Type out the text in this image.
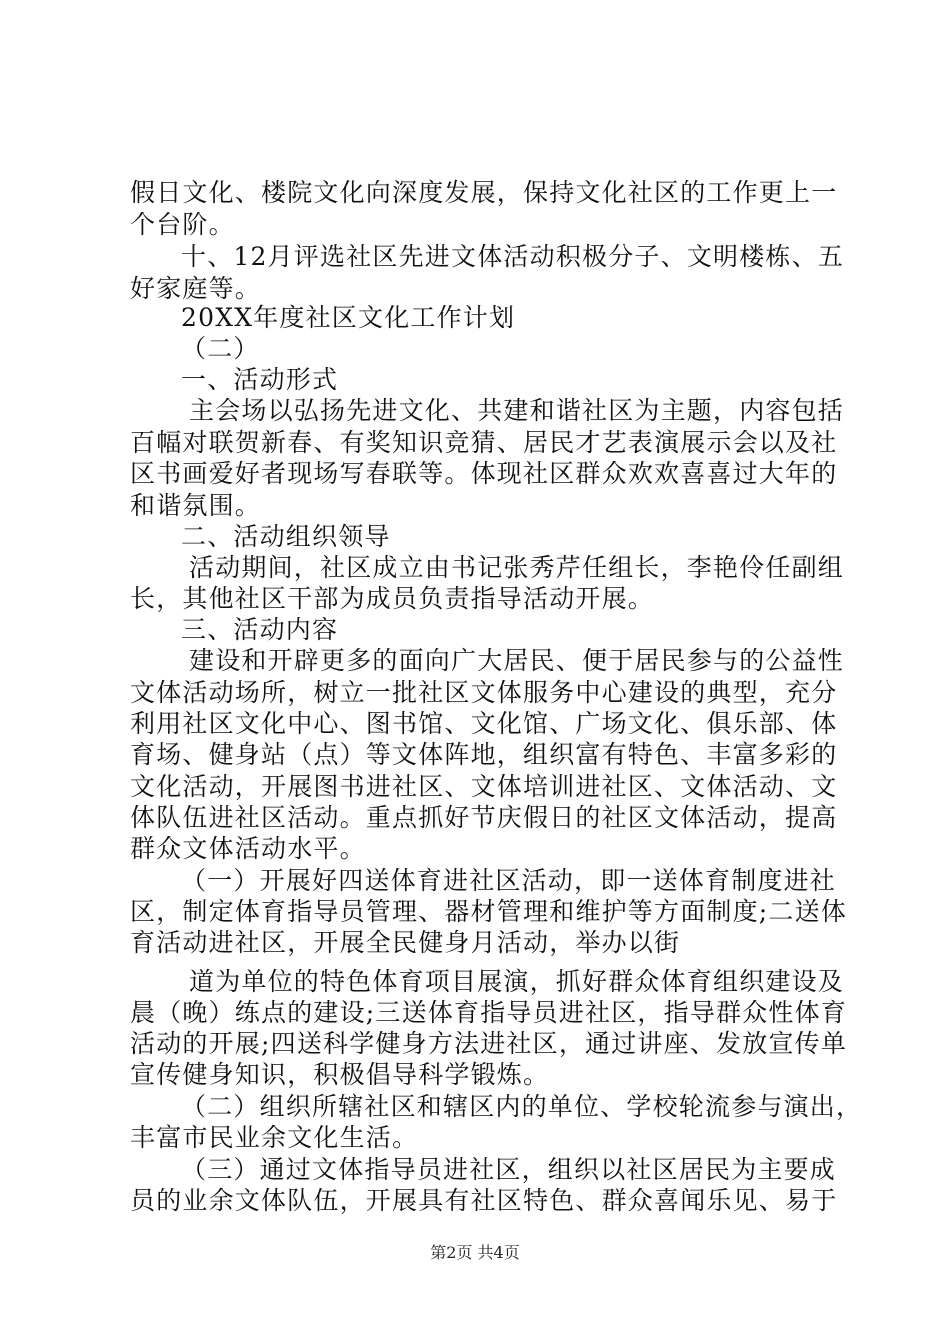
假日文化、楼院文化向深度发展，保持文化社区的工作更上一
个台阶。
十、12月评选社区先进文体活动积极分子、文明楼栋、五
好家庭等。
20XX年度社区文化工作计划
（二）
一、活动形式
主会场以弘扬先进文化、共建和谐社区为主题，内容包括
百幅对联贺新春、有奖知识竞猜、居民才艺表演展示会以及社
区书画爱好者现场写春联等。体现社区群众欢欢喜喜过大年的
和谐氛围。
二、活动组织领导
活动期间，社区成立由书记张秀芹任组长，李艳伶任副组
长，其他社区干部为成员负责指导活动开展。
三、活动内容
建设和开辟更多的面向广大居民、便于居民参与的公益性
文体活动场所，树立一批社区文体服务中心建设的典型，充分
利用社区文化中心、图书馆、文化馆、广场文化、俱乐部、体
育场、健身站（点）等文体阵地，组织富有特色、丰富多彩的
文化活动，开展图书进社区、文体培训进社区、文体活动、文
体队伍进社区活动。重点抓好节庆假日的社区文体活动，提高
群众文体活动水平。
（一）开展好四送体育进社区活动，即一送体育制度进社
区，制定体育指导员管理、器材管理和维护等方面制度;二送体
育活动进社区，开展全民健身月活动，举办以街
道为单位的特色体育项目展演，抓好群众体育组织建设及
晨（晚）练点的建设;三送体育指导员进社区，指导群众性体育
活动的开展;四送科学健身方法进社区，通过讲座、发放宣传单
宣传健身知识，积极倡导科学锻炼。
（二）组织所辖社区和辖区内的单位、学校轮流参与演出，
丰富市民业余文化生活。
（三）通过文体指导员进社区，组织以社区居民为主要成
员的业余文体队伍，开展具有社区特色、群众喜闻乐见、易于
第2页 共4页
